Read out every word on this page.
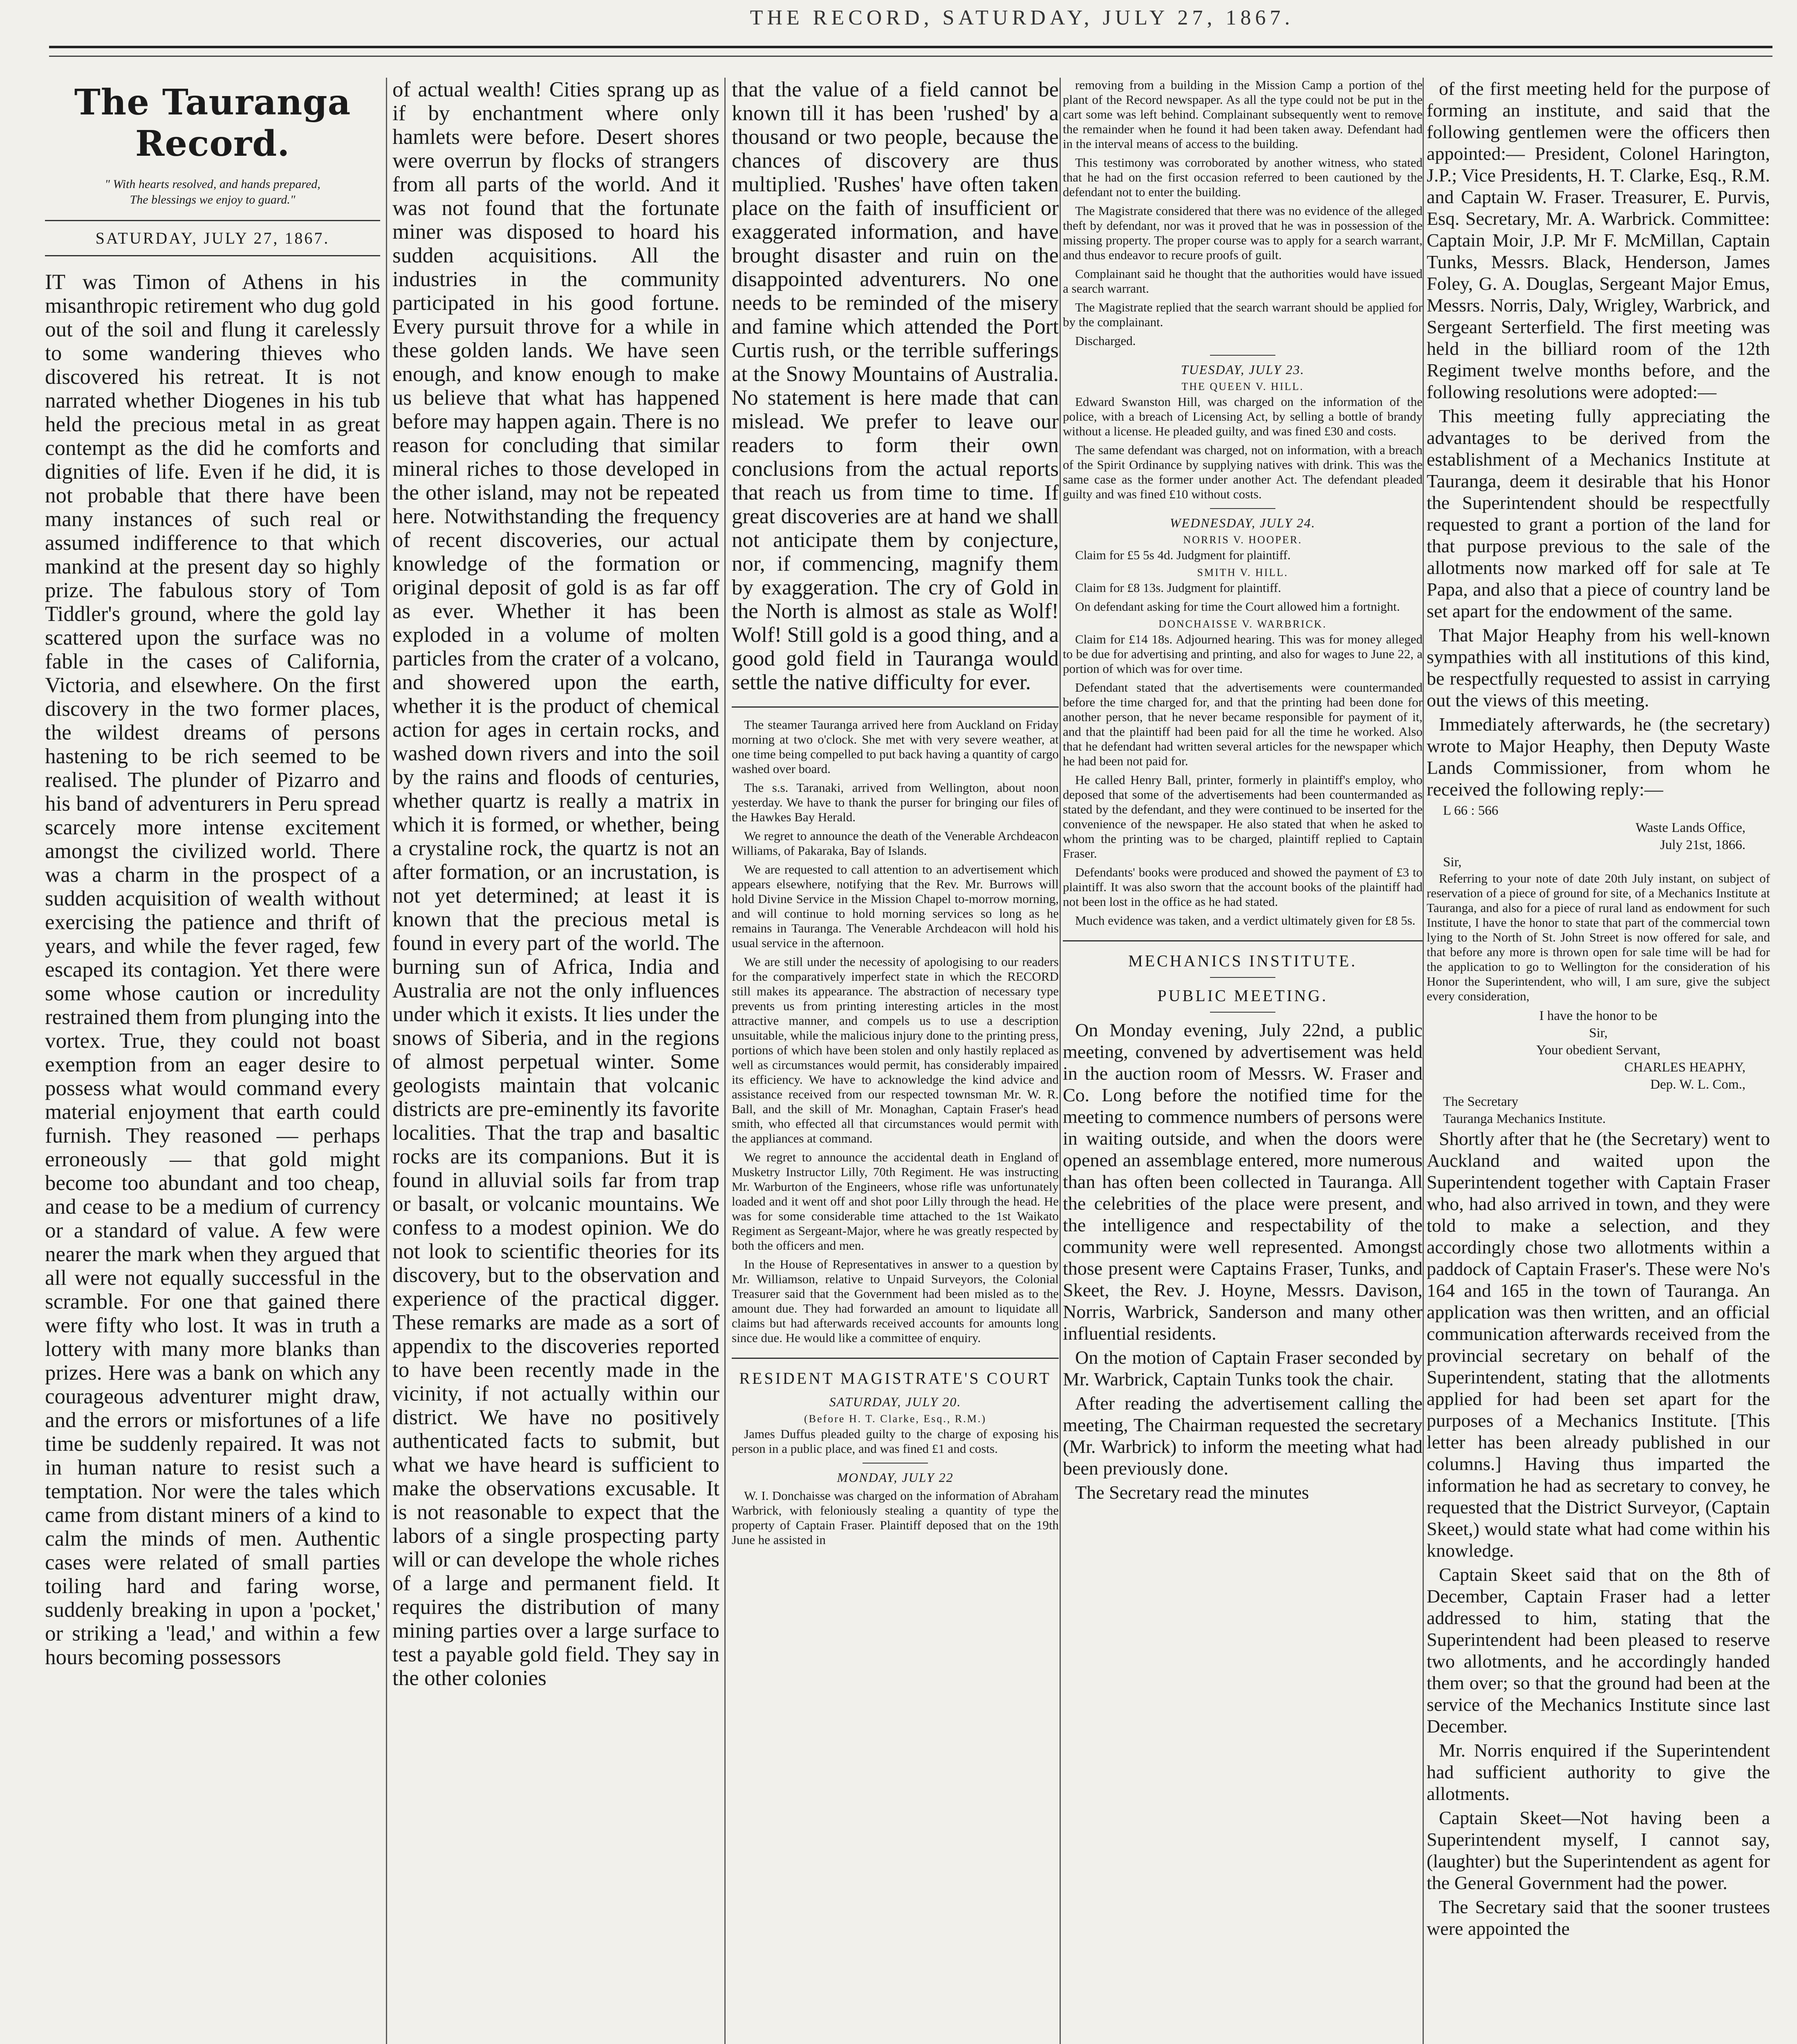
THE RECORD, SATURDAY, JULY 27, 1867.
The Tauranga Record.
" With hearts resolved, and hands prepared,
The blessings we enjoy to guard."
SATURDAY, JULY 27, 1867.

IT was Timon of Athens in his misanthropic retirement who dug gold out of the soil and flung it carelessly to some wandering thieves who discovered his retreat. It is not narrated whether Diogenes in his tub held the precious metal in as great contempt as the did he comforts and dignities of life. Even if he did, it is not probable that there have been many instances of such real or assumed indifference to that which mankind at the present day so highly prize. The fabulous story of Tom Tiddler's ground, where the gold lay scattered upon the surface was no fable in the cases of California, Victoria, and elsewhere. On the first discovery in the two former places, the wildest dreams of persons hastening to be rich seemed to be realised. The plunder of Pizarro and his band of adventurers in Peru spread scarcely more intense excitement amongst the civilized world. There was a charm in the prospect of a sudden acquisition of wealth without exercising the patience and thrift of years, and while the fever raged, few escaped its contagion. Yet there were some whose caution or incredulity restrained them from plunging into the vortex. True, they could not boast exemption from an eager desire to possess what would command every material enjoyment that earth could furnish. They reasoned — perhaps erroneously — that gold might become too abundant and too cheap, and cease to be a medium of currency or a standard of value. A few were nearer the mark when they argued that all were not equally successful in the scramble. For one that gained there were fifty who lost. It was in truth a lottery with many more blanks than prizes. Here was a bank on which any courageous adventurer might draw, and the errors or misfortunes of a life time be suddenly repaired. It was not in human nature to resist such a temptation. Nor were the tales which came from distant miners of a kind to calm the minds of men. Authentic cases were related of small parties toiling hard and faring worse, suddenly breaking in upon a 'pocket,' or striking a 'lead,' and within a few hours becoming possessors

of actual wealth! Cities sprang up as if by enchantment where only hamlets were before. Desert shores were overrun by flocks of strangers from all parts of the world. And it was not found that the fortunate miner was disposed to hoard his sudden acquisitions. All the industries in the community participated in his good fortune. Every pursuit throve for a while in these golden lands. We have seen enough, and know enough to make us believe that what has happened before may happen again. There is no reason for concluding that similar mineral riches to those developed in the other island, may not be repeated here. Notwithstanding the frequency of recent discoveries, our actual knowledge of the formation or original deposit of gold is as far off as ever. Whether it has been exploded in a volume of molten particles from the crater of a volcano, and showered upon the earth, whether it is the product of chemical action for ages in certain rocks, and washed down rivers and into the soil by the rains and floods of centuries, whether quartz is really a matrix in which it is formed, or whether, being a crystaline rock, the quartz is not an after formation, or an incrustation, is not yet determined; at least it is known that the precious metal is found in every part of the world. The burning sun of Africa, India and Australia are not the only influences under which it exists. It lies under the snows of Siberia, and in the regions of almost perpetual winter. Some geologists maintain that volcanic districts are pre-eminently its favorite localities. That the trap and basaltic rocks are its companions. But it is found in alluvial soils far from trap or basalt, or volcanic mountains. We confess to a modest opinion. We do not look to scientific theories for its discovery, but to the observation and experience of the practical digger. These remarks are made as a sort of appendix to the discoveries reported to have been recently made in the vicinity, if not actually within our district. We have no positively authenticated facts to submit, but what we have heard is sufficient to make the observations excusable. It is not reasonable to expect that the labors of a single prospecting party will or can develope the whole riches of a large and permanent field. It requires the distribution of many mining parties over a large surface to test a payable gold field. They say in the other colonies

that the value of a field cannot be known till it has been 'rushed' by a thousand or two people, because the chances of discovery are thus multiplied. 'Rushes' have often taken place on the faith of insufficient or exaggerated information, and have brought disaster and ruin on the disappointed adventurers. No one needs to be reminded of the misery and famine which attended the Port Curtis rush, or the terrible sufferings at the Snowy Mountains of Australia. No statement is here made that can mislead. We prefer to leave our readers to form their own conclusions from the actual reports that reach us from time to time. If great discoveries are at hand we shall not anticipate them by conjecture, nor, if commencing, magnify them by exaggeration. The cry of Gold in the North is almost as stale as Wolf! Wolf! Still gold is a good thing, and a good gold field in Tauranga would settle the native difficulty for ever.

The steamer Tauranga arrived here from Auckland on Friday morning at two o'clock. She met with very severe weather, at one time being compelled to put back having a quantity of cargo washed over board.

The s.s. Taranaki, arrived from Wellington, about noon yesterday. We have to thank the purser for bringing our files of the Hawkes Bay Herald.

We regret to announce the death of the Venerable Archdeacon Williams, of Pakaraka, Bay of Islands.

We are requested to call attention to an advertisement which appears elsewhere, notifying that the Rev. Mr. Burrows will hold Divine Service in the Mission Chapel to-morrow morning, and will continue to hold morning services so long as he remains in Tauranga. The Venerable Archdeacon will hold his usual service in the afternoon.

We are still under the necessity of apologising to our readers for the comparatively imperfect state in which the RECORD still makes its appearance. The abstraction of necessary type prevents us from printing interesting articles in the most attractive manner, and compels us to use a description unsuitable, while the malicious injury done to the printing press, portions of which have been stolen and only hastily replaced as well as circumstances would permit, has considerably impaired its efficiency. We have to acknowledge the kind advice and assistance received from our respected townsman Mr. W. R. Ball, and the skill of Mr. Monaghan, Captain Fraser's head smith, who effected all that circumstances would permit with the appliances at command.

We regret to announce the accidental death in England of Musketry Instructor Lilly, 70th Regiment. He was instructing Mr. Warburton of the Engineers, whose rifle was unfortunately loaded and it went off and shot poor Lilly through the head. He was for some considerable time attached to the 1st Waikato Regiment as Sergeant-Major, where he was greatly respected by both the officers and men.

In the House of Representatives in answer to a question by Mr. Williamson, relative to Unpaid Surveyors, the Colonial Treasurer said that the Government had been misled as to the amount due. They had forwarded an amount to liquidate all claims but had afterwards received accounts for amounts long since due. He would like a committee of enquiry.

RESIDENT MAGISTRATE'S COURT
SATURDAY, JULY 20.
(Before H. T. Clarke, Esq., R.M.)

James Duffus pleaded guilty to the charge of exposing his person in a public place, and was fined £1 and costs.

MONDAY, JULY 22

W. I. Donchaisse was charged on the information of Abraham Warbrick, with feloniously stealing a quantity of type the property of Captain Fraser. Plaintiff deposed that on the 19th June he assisted in

removing from a building in the Mission Camp a portion of the plant of the Record newspaper. As all the type could not be put in the cart some was left behind. Complainant subsequently went to remove the remainder when he found it had been taken away. Defendant had in the interval means of access to the building.

This testimony was corroborated by another witness, who stated that he had on the first occasion referred to been cautioned by the defendant not to enter the building.

The Magistrate considered that there was no evidence of the alleged theft by defendant, nor was it proved that he was in possession of the missing property. The proper course was to apply for a search warrant, and thus endeavor to recure proofs of guilt.

Complainant said he thought that the authorities would have issued a search warrant.

The Magistrate replied that the search warrant should be applied for by the complainant.

Discharged.

TUESDAY, JULY 23.
THE QUEEN V. HILL.

Edward Swanston Hill, was charged on the information of the police, with a breach of Licensing Act, by selling a bottle of brandy without a license. He pleaded guilty, and was fined £30 and costs.

The same defendant was charged, not on information, with a breach of the Spirit Ordinance by supplying natives with drink. This was the same case as the former under another Act. The defendant pleaded guilty and was fined £10 without costs.

WEDNESDAY, JULY 24.
NORRIS V. HOOPER.

Claim for £5 5s 4d. Judgment for plaintiff.

SMITH V. HILL.

Claim for £8 13s. Judgment for plaintiff.

On defendant asking for time the Court allowed him a fortnight.

DONCHAISSE V. WARBRICK.

Claim for £14 18s. Adjourned hearing. This was for money alleged to be due for advertising and printing, and also for wages to June 22, a portion of which was for over time.

Defendant stated that the advertisements were countermanded before the time charged for, and that the printing had been done for another person, that he never became responsible for payment of it, and that the plaintiff had been paid for all the time he worked. Also that he defendant had written several articles for the newspaper which he had been not paid for.

He called Henry Ball, printer, formerly in plaintiff's employ, who deposed that some of the advertisements had been countermanded as stated by the defendant, and they were continued to be inserted for the convenience of the newspaper. He also stated that when he asked to whom the printing was to be charged, plaintiff replied to Captain Fraser.

Defendants' books were produced and showed the payment of £3 to plaintiff. It was also sworn that the account books of the plaintiff had not been lost in the office as he had stated.

Much evidence was taken, and a verdict ultimately given for £8 5s.

MECHANICS INSTITUTE.
PUBLIC MEETING.

On Monday evening, July 22nd, a public meeting, convened by advertisement was held in the auction room of Messrs. W. Fraser and Co. Long before the notified time for the meeting to commence numbers of persons were in waiting outside, and when the doors were opened an assemblage entered, more numerous than has often been collected in Tauranga. All the celebrities of the place were present, and the intelligence and respectability of the community were well represented. Amongst those present were Captains Fraser, Tunks, and Skeet, the Rev. J. Hoyne, Messrs. Davison, Norris, Warbrick, Sanderson and many other influential residents.

On the motion of Captain Fraser seconded by Mr. Warbrick, Captain Tunks took the chair.

After reading the advertisement calling the meeting, The Chairman requested the secretary (Mr. Warbrick) to inform the meeting what had been previously done.

The Secretary read the minutes

of the first meeting held for the purpose of forming an institute, and said that the following gentlemen were the officers then appointed:— President, Colonel Harington, J.P.; Vice Presidents, H. T. Clarke, Esq., R.M. and Captain W. Fraser. Treasurer, E. Purvis, Esq. Secretary, Mr. A. Warbrick. Committee: Captain Moir, J.P. Mr F. McMillan, Captain Tunks, Messrs. Black, Henderson, James Foley, G. A. Douglas, Sergeant Major Emus, Messrs. Norris, Daly, Wrigley, Warbrick, and Sergeant Serterfield. The first meeting was held in the billiard room of the 12th Regiment twelve months before, and the following resolutions were adopted:—

This meeting fully appreciating the advantages to be derived from the establishment of a Mechanics Institute at Tauranga, deem it desirable that his Honor the Superintendent should be respectfully requested to grant a portion of the land for that purpose previous to the sale of the allotments now marked off for sale at Te Papa, and also that a piece of country land be set apart for the endowment of the same.

That Major Heaphy from his well-known sympathies with all institutions of this kind, be respectfully requested to assist in carrying out the views of this meeting.

Immediately afterwards, he (the secretary) wrote to Major Heaphy, then Deputy Waste Lands Commissioner, from whom he received the following reply:—

L 66 : 566
Waste Lands Office,
July 21st, 1866.
Sir,

Referring to your note of date 20th July instant, on subject of reservation of a piece of ground for site, of a Mechanics Institute at Tauranga, and also for a piece of rural land as endowment for such Institute, I have the honor to state that part of the commercial town lying to the North of St. John Street is now offered for sale, and that before any more is thrown open for sale time will be had for the application to go to Wellington for the consideration of his Honor the Superintendent, who will, I am sure, give the subject every consideration,

I have the honor to be
Sir,
Your obedient Servant,
CHARLES HEAPHY,
Dep. W. L. Com.,
The Secretary
Tauranga Mechanics Institute.

Shortly after that he (the Secretary) went to Auckland and waited upon the Superintendent together with Captain Fraser who, had also arrived in town, and they were told to make a selection, and they accordingly chose two allotments within a paddock of Captain Fraser's. These were No's 164 and 165 in the town of Tauranga. An application was then written, and an official communication afterwards received from the provincial secretary on behalf of the Superintendent, stating that the allotments applied for had been set apart for the purposes of a Mechanics Institute. [This letter has been already published in our columns.] Having thus imparted the information he had as secretary to convey, he requested that the District Surveyor, (Captain Skeet,) would state what had come within his knowledge.

Captain Skeet said that on the 8th of December, Captain Fraser had a letter addressed to him, stating that the Superintendent had been pleased to reserve two allotments, and he accordingly handed them over; so that the ground had been at the service of the Mechanics Institute since last December.

Mr. Norris enquired if the Superintendent had sufficient authority to give the allotments.

Captain Skeet—Not having been a Superintendent myself, I cannot say, (laughter) but the Superintendent as agent for the General Government had the power.

The Secretary said that the sooner trustees were appointed the
